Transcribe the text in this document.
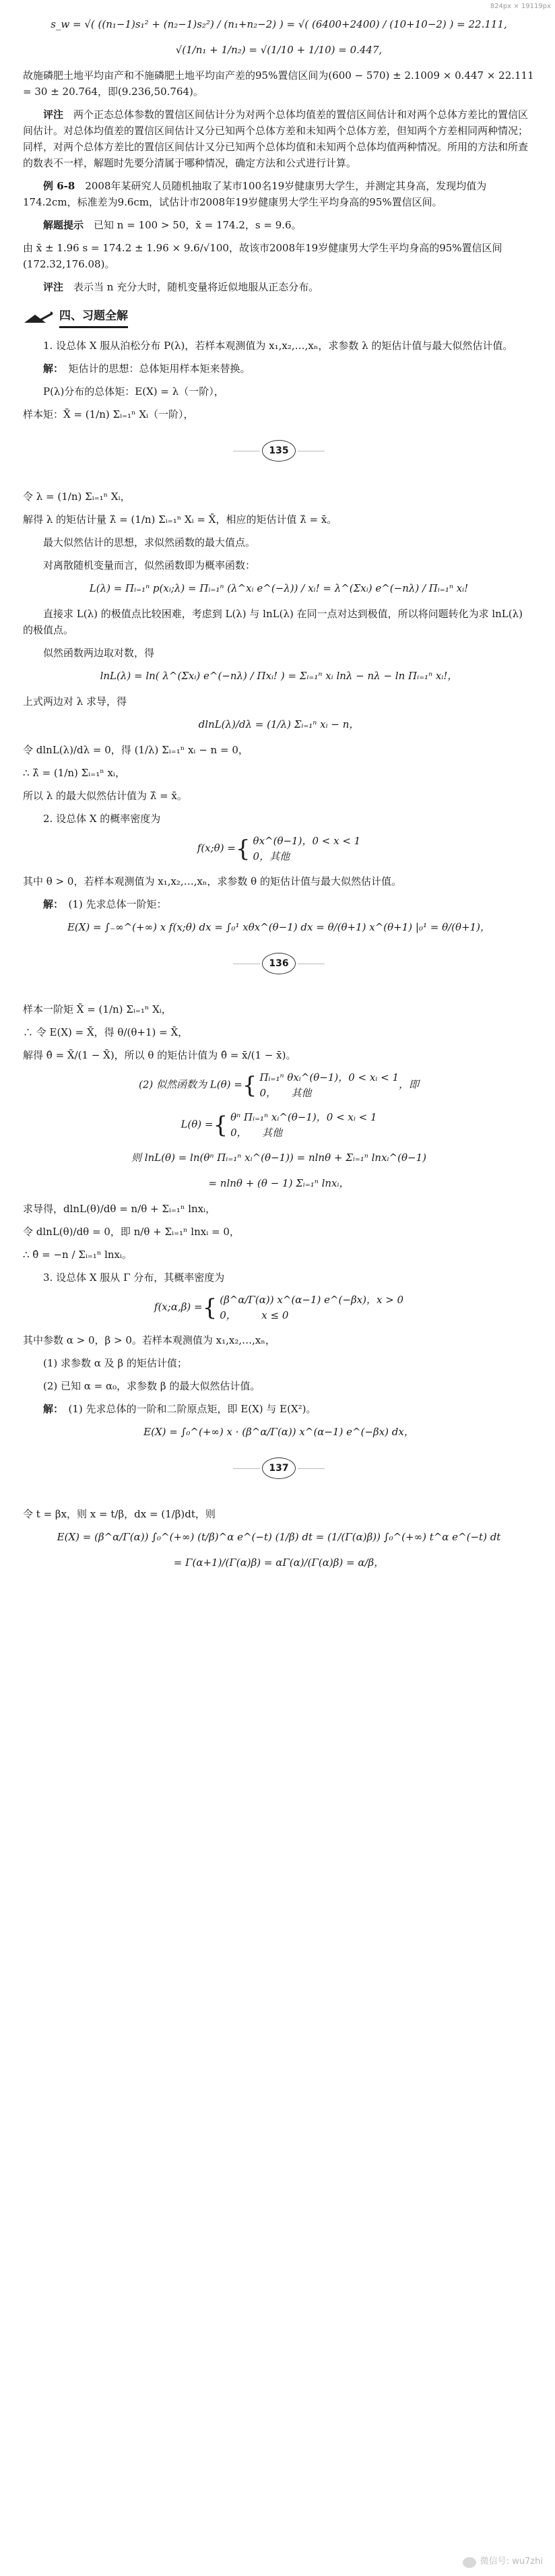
824px × 19119px
s_w = √( ((n₁−1)s₁² + (n₂−1)s₂²) / (n₁+n₂−2) ) = √( (6400+2400) / (10+10−2) ) = 22.111,
√(1/n₁ + 1/n₂) = √(1/10 + 1/10) = 0.447,

故施磷肥土地平均亩产和不施磷肥土地平均亩产差的95%置信区间为(600 − 570) ± 2.1009 × 0.447 × 22.111 = 30 ± 20.764，即(9.236,50.764)。

评注　 两个正态总体参数的置信区间估计分为对两个总体均值差的置信区间估计和对两个总体方差比的置信区间估计。对总体均值差的置信区间估计又分已知两个总体方差和未知两个总体方差，但知两个方差相同两种情况；同样，对两个总体方差比的置信区间估计又分已知两个总体均值和未知两个总体均值两种情况。所用的方法和所查的数表不一样，解题时先要分清属于哪种情况，确定方法和公式进行计算。

例 6-8　 2008年某研究人员随机抽取了某市100名19岁健康男大学生，并测定其身高，发现均值为174.2cm，标准差为9.6cm，试估计市2008年19岁健康男大学生平均身高的95%置信区间。

解题提示　 已知 n = 100 > 50，x̄ = 174.2，s = 9.6。

由 x̄ ± 1.96 s = 174.2 ± 1.96 × 9.6/√100，故该市2008年19岁健康男大学生平均身高的95%置信区间(172.32,176.08)。

评注　 表示当 n 充分大时，随机变量将近似地服从正态分布。

四、习题全解

1. 设总体 X 服从泊松分布 P(λ)，若样本观测值为 x₁,x₂,…,xₙ，求参数 λ 的矩估计值与最大似然估计值。

解：　 矩估计的思想：总体矩用样本矩来替换。

P(λ)分布的总体矩：E(X) = λ（一阶），

样本矩：X̄ = (1/n) Σᵢ₌₁ⁿ Xᵢ（一阶），

135

令 λ = (1/n) Σᵢ₌₁ⁿ Xᵢ，

解得 λ 的矩估计量 λ̂ = (1/n) Σᵢ₌₁ⁿ Xᵢ = X̄，相应的矩估计值 λ̂ = x̄。

最大似然估计的思想，求似然函数的最大值点。

对离散随机变量而言，似然函数即为概率函数：

L(λ) = Πᵢ₌₁ⁿ p(xᵢ;λ) = Πᵢ₌₁ⁿ (λ^xᵢ e^(−λ)) / xᵢ! = λ^(Σxᵢ) e^(−nλ) / Πᵢ₌₁ⁿ xᵢ!

直接求 L(λ) 的极值点比较困难，考虑到 L(λ) 与 lnL(λ) 在同一点对达到极值，所以将问题转化为求 lnL(λ) 的极值点。

似然函数两边取对数，得

lnL(λ) = ln( λ^(Σxᵢ) e^(−nλ) / Πxᵢ! ) = Σᵢ₌₁ⁿ xᵢ lnλ − nλ − ln Πᵢ₌₁ⁿ xᵢ!，

上式两边对 λ 求导，得

dlnL(λ)/dλ = (1/λ) Σᵢ₌₁ⁿ xᵢ − n，

令 dlnL(λ)/dλ = 0，得 (1/λ) Σᵢ₌₁ⁿ xᵢ − n = 0，

∴ λ̂ = (1/n) Σᵢ₌₁ⁿ xᵢ，

所以 λ 的最大似然估计值为 λ̂ = x̄。

2. 设总体 X 的概率密度为

f(x;θ) ={ θx^(θ−1)，0 < x < 1
0，其他

其中 θ > 0，若样本观测值为 x₁,x₂,…,xₙ，求参数 θ 的矩估计值与最大似然估计值。

解：　 (1) 先求总体一阶矩：

E(X) = ∫₋∞^(+∞) x f(x;θ) dx = ∫₀¹ xθx^(θ−1) dx = θ/(θ+1) x^(θ+1) |₀¹ = θ/(θ+1)，
136

样本一阶矩 X̄ = (1/n) Σᵢ₌₁ⁿ Xᵢ，

∴ 令 E(X) = X̄，得 θ/(θ+1) = X̄，

解得 θ̂ = X̄/(1 − X̄)，所以 θ 的矩估计值为 θ̂ = x̄/(1 − x̄)。

(2) 似然函数为 L(θ) ={ Πᵢ₌₁ⁿ θxᵢ^(θ−1)，0 < xᵢ < 1
0，　　其他
，即
L(θ) ={ θⁿ Πᵢ₌₁ⁿ xᵢ^(θ−1)，0 < xᵢ < 1
0，　　其他
则 lnL(θ) = ln(θⁿ Πᵢ₌₁ⁿ xᵢ^(θ−1)) = nlnθ + Σᵢ₌₁ⁿ lnxᵢ^(θ−1)
= nlnθ + (θ − 1) Σᵢ₌₁ⁿ lnxᵢ，

求导得，dlnL(θ)/dθ = n/θ + Σᵢ₌₁ⁿ lnxᵢ，

令 dlnL(θ)/dθ = 0，即 n/θ + Σᵢ₌₁ⁿ lnxᵢ = 0，

∴ θ̂ = −n / Σᵢ₌₁ⁿ lnxᵢ。

3. 设总体 X 服从 Γ 分布，其概率密度为

f(x;α,β) ={ (β^α/Γ(α)) x^(α−1) e^(−βx)，x > 0
0，　　　x ≤ 0

其中参数 α > 0，β > 0。若样本观测值为 x₁,x₂,…,xₙ，

(1) 求参数 α 及 β 的矩估计值；

(2) 已知 α = α₀，求参数 β 的最大似然估计值。

解：　 (1) 先求总体的一阶和二阶原点矩，即 E(X) 与 E(X²)。

E(X) = ∫₀^(+∞) x · (β^α/Γ(α)) x^(α−1) e^(−βx) dx，
137

令 t = βx，则 x = t/β，dx = (1/β)dt，则

E(X) = (β^α/Γ(α)) ∫₀^(+∞) (t/β)^α e^(−t) (1/β) dt = (1/(Γ(α)β)) ∫₀^(+∞) t^α e^(−t) dt
= Γ(α+1)/(Γ(α)β) = αΓ(α)/(Γ(α)β) = α/β，
微信号: wu7zhi
